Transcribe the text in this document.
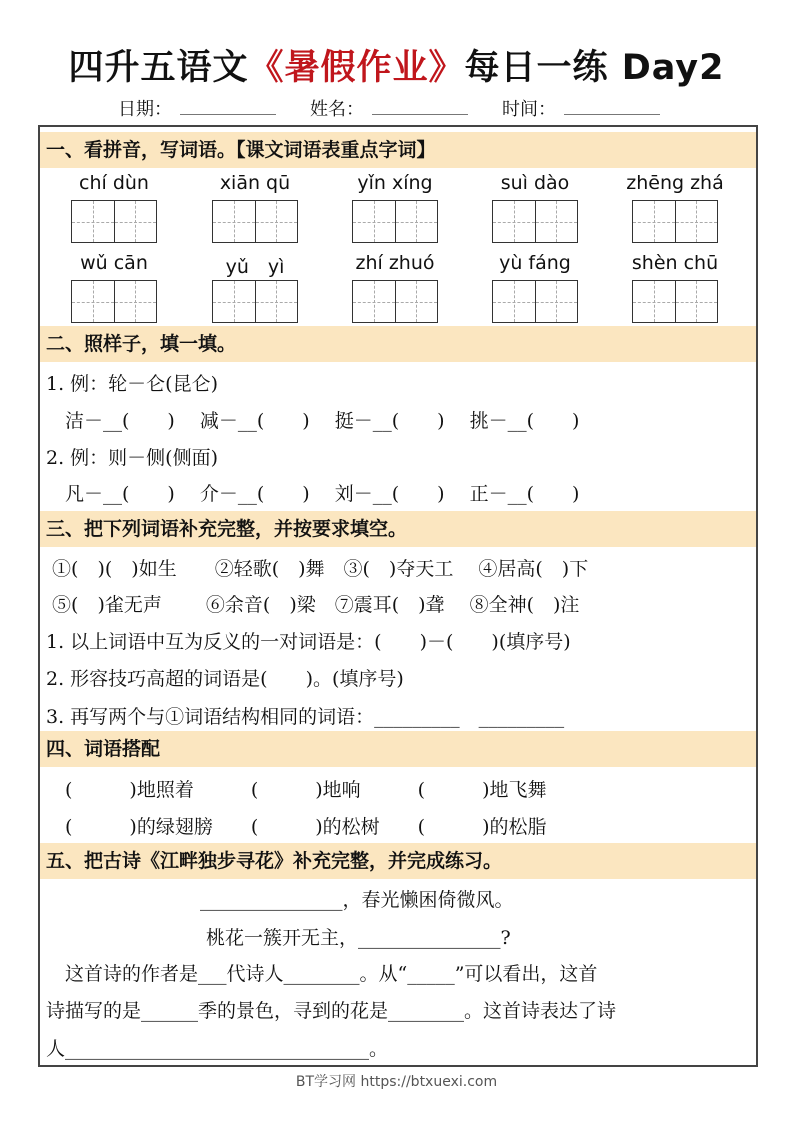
四升五语文《暑假作业》每日一练 Day2
日期：	姓名：	时间：
一、看拼音，写词语。【课文词语表重点字词】
chí dùn	xiān qū	yǐn xíng	suì dào	zhēng zhá
wǔ cān	yǔ　yì	zhí zhuó	yù fáng	shèn chū
二、照样子，填一填。
1. 例：轮－仑(昆仑)
　洁－__(　　)　 减－__(　　)　 挺－__(　　)　 挑－__(　　)
2. 例：则－侧(侧面)
　凡－__(　　)　 介－__(　　)　 刘－__(　　)　 正－__(　　)
三、把下列词语补充完整，并按要求填空。
①(　)(　)如生　　②轻歌(　)舞　③(　)夺天工　 ④居高(　)下
⑤(　)雀无声　　 ⑥余音(　)梁　⑦震耳(　)聋　 ⑧全神(　)注
1. 以上词语中互为反义的一对词语是：(　　)－(　　)(填序号)
2. 形容技巧高超的词语是(　　)。(填序号)
3. 再写两个与①词语结构相同的词语：_________　_________
四、词语搭配
　(　　　)地照着　　　(　　　)地响　　　(　　　)地飞舞
　(　　　)的绿翅膀　　(　　　)的松树　　(　　　)的松脂
五、把古诗《江畔独步寻花》补充完整，并完成练习。
_______________，春光懒困倚微风。
桃花一簇开无主，_______________?
　这首诗的作者是___代诗人________。从“_____”可以看出，这首
诗描写的是______季的景色，寻到的花是________。这首诗表达了诗
人________________________________。
BT学习网 https://btxuexi.com
